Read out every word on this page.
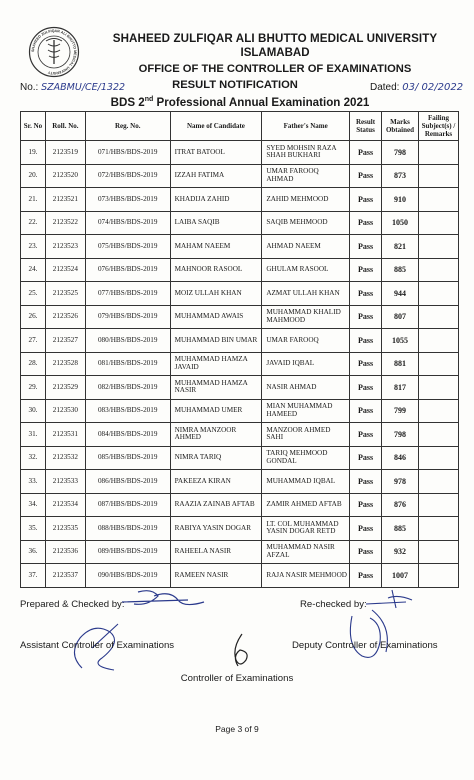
SHAHEED ZULFIQAR ALI BHUTTO MEDICAL UNIVERSITY
SHAHEED ZULFIQAR ALI BHUTTO MEDICAL UNIVERSITY
ISLAMABAD
OFFICE OF THE CONTROLLER OF EXAMINATIONS
RESULT NOTIFICATION
No.: SZABMU/CE/1322	Dated: 03/ 02/2022
BDS 2nd Professional Annual Examination 2021
Sr. No	Roll. No.	Reg. No.	Name of Candidate	Father's Name	Result Status	Marks Obtained	Failing Subject(s) / Remarks
19.	2123519	071/HBS/BDS-2019	ITRAT BATOOL	SYED MOHSIN RAZA SHAH BUKHARI	Pass	798	
20.	2123520	072/HBS/BDS-2019	IZZAH FATIMA	UMAR FAROOQ AHMAD	Pass	873	
21.	2123521	073/HBS/BDS-2019	KHADIJA ZAHID	ZAHID MEHMOOD	Pass	910	
22.	2123522	074/HBS/BDS-2019	LAIBA SAQIB	SAQIB MEHMOOD	Pass	1050	
23.	2123523	075/HBS/BDS-2019	MAHAM NAEEM	AHMAD NAEEM	Pass	821	
24.	2123524	076/HBS/BDS-2019	MAHNOOR RASOOL	GHULAM RASOOL	Pass	885	
25.	2123525	077/HBS/BDS-2019	MOIZ ULLAH KHAN	AZMAT ULLAH KHAN	Pass	944	
26.	2123526	079/HBS/BDS-2019	MUHAMMAD AWAIS	MUHAMMAD KHALID MAHMOOD	Pass	807	
27.	2123527	080/HBS/BDS-2019	MUHAMMAD BIN UMAR	UMAR FAROOQ	Pass	1055	
28.	2123528	081/HBS/BDS-2019	MUHAMMAD HAMZA JAVAID	JAVAID IQBAL	Pass	881	
29.	2123529	082/HBS/BDS-2019	MUHAMMAD HAMZA NASIR	NASIR AHMAD	Pass	817	
30.	2123530	083/HBS/BDS-2019	MUHAMMAD UMER	MIAN MUHAMMAD HAMEED	Pass	799	
31.	2123531	084/HBS/BDS-2019	NIMRA MANZOOR AHMED	MANZOOR AHMED SAHI	Pass	798	
32.	2123532	085/HBS/BDS-2019	NIMRA TARIQ	TARIQ MEHMOOD GONDAL	Pass	846	
33.	2123533	086/HBS/BDS-2019	PAKEEZA KIRAN	MUHAMMAD IQBAL	Pass	978	
34.	2123534	087/HBS/BDS-2019	RAAZIA ZAINAB AFTAB	ZAMIR AHMED AFTAB	Pass	876	
35.	2123535	088/HBS/BDS-2019	RABIYA YASIN DOGAR	LT. COL MUHAMMAD YASIN DOGAR RETD	Pass	885	
36.	2123536	089/HBS/BDS-2019	RAHEELA NASIR	MUHAMMAD NASIR AFZAL	Pass	932	
37.	2123537	090/HBS/BDS-2019	RAMEEN NASIR	RAJA NASIR MEHMOOD	Pass	1007	
Prepared & Checked by:	Re-checked by:
Assistant Controller of Examinations	Deputy Controller of Examinations
Controller of Examinations
Page 3 of 9
